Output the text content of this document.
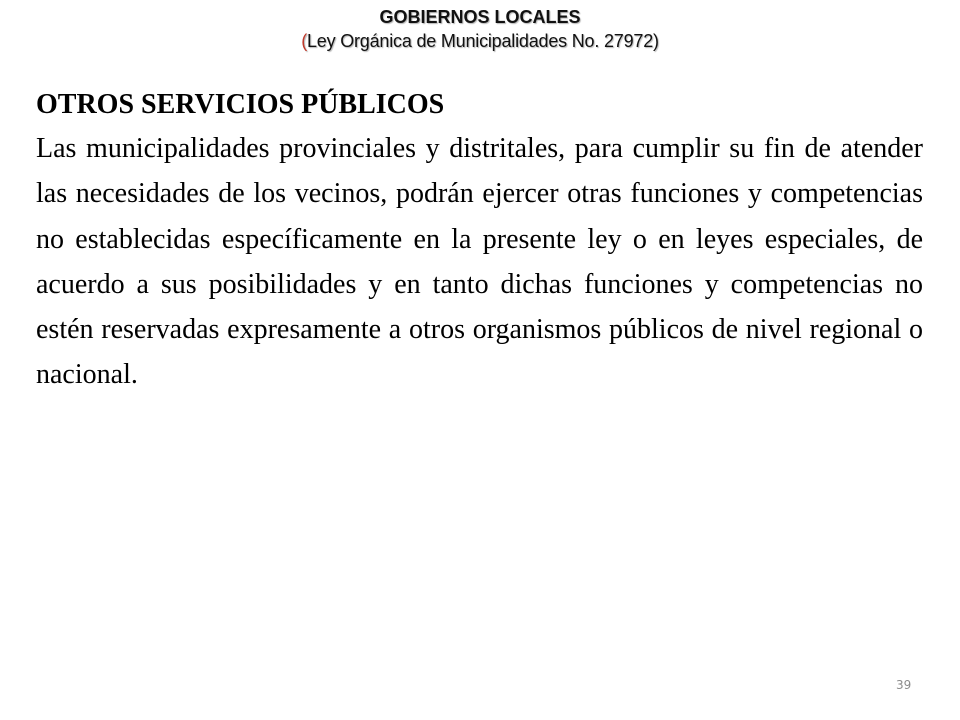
GOBIERNOS LOCALES
(Ley Orgánica de Municipalidades No. 27972)
OTROS SERVICIOS PÚBLICOS

Las municipalidades provinciales y distritales, para cumplir su fin de atender las necesidades de los vecinos, podrán ejercer otras funciones y competencias no establecidas específicamente en la presente ley o en leyes especiales, de acuerdo a sus posibilidades y en tanto dichas funciones y competencias no estén reservadas expresamente a otros organismos públicos de nivel regional o nacional.

39
